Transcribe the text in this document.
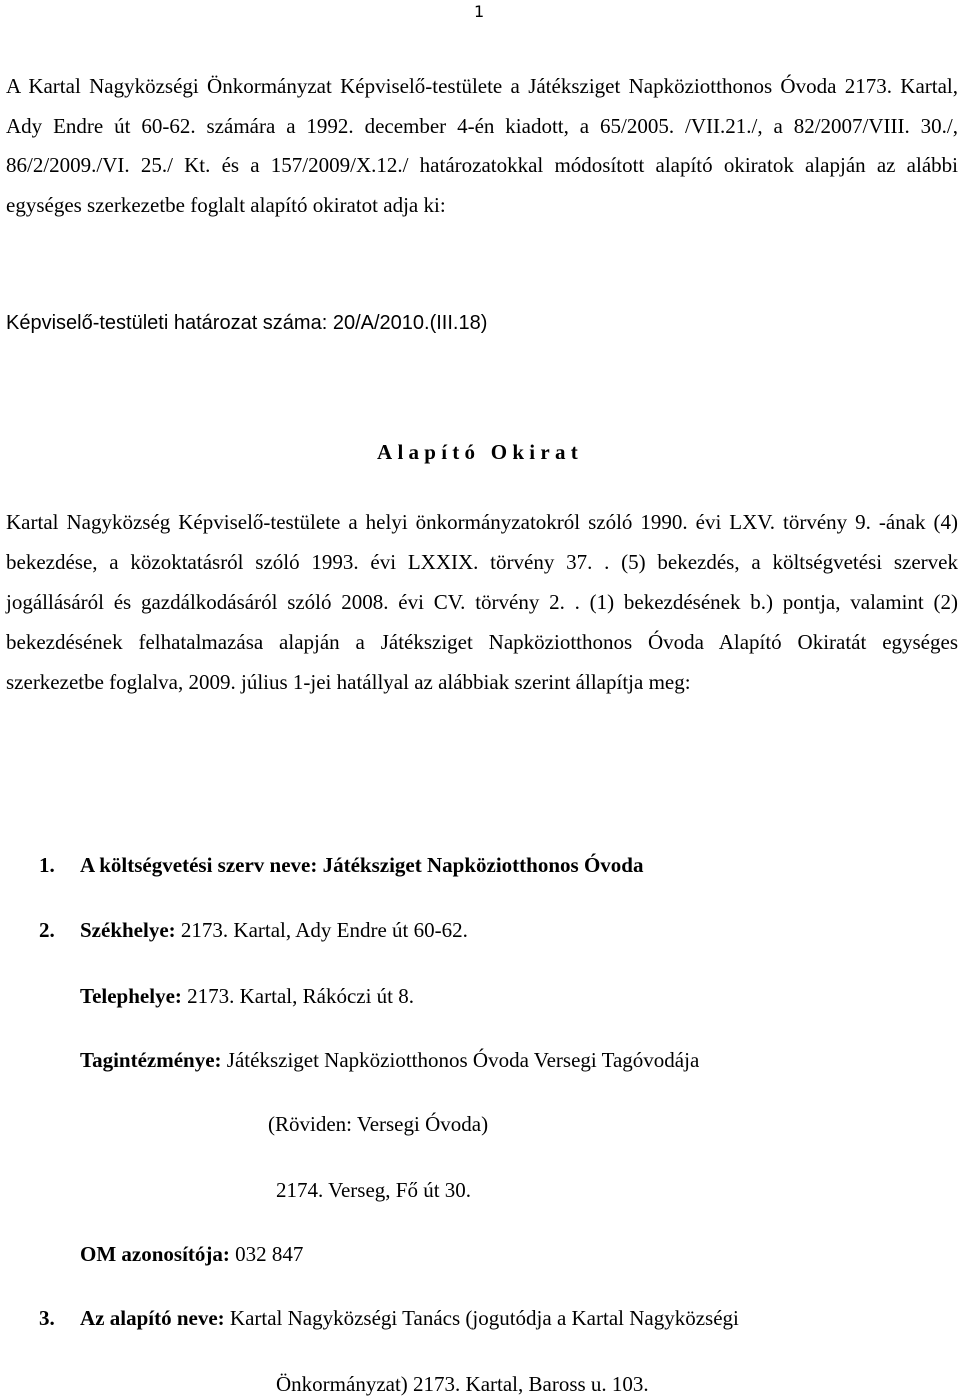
1

A Kartal Nagyközségi Önkormányzat Képviselő-testülete a Játéksziget Napköziotthonos Óvoda 2173. Kartal, Ady Endre út 60-62. számára a 1992. december 4-én kiadott, a 65/2005. /VII.21./, a 82/2007/VIII. 30./, 86/2/2009./VI. 25./ Kt. és a 157/2009/X.12./ határozatokkal módosított alapító okiratok alapján az alábbi egységes szerkezetbe foglalt alapító okiratot adja ki:

Képviselő-testületi határozat száma: 20/A/2010.(III.18)

Alapító Okirat

Kartal Nagyközség Képviselő-testülete a helyi önkormányzatokról szóló 1990. évi LXV. törvény 9. -ának (4) bekezdése, a közoktatásról szóló 1993. évi LXXIX. törvény 37. . (5) bekezdés, a költségvetési szervek jogállásáról és gazdálkodásáról szóló 2008. évi CV. törvény 2. . (1) bekezdésének b.) pontja, valamint (2) bekezdésének felhatalmazása alapján a Játéksziget Napköziotthonos Óvoda Alapító Okiratát egységes szerkezetbe foglalva, 2009. július 1-jei hatállyal az alábbiak szerint állapítja meg:

1. A költségvetési szerv neve: Játéksziget Napköziotthonos Óvoda
2. Székhelye: 2173. Kartal, Ady Endre út 60-62.
Telephelye: 2173. Kartal, Rákóczi út 8.
Tagintézménye: Játéksziget Napköziotthonos Óvoda Versegi Tagóvodája
(Röviden: Versegi Óvoda)
2174. Verseg, Fő út 30.
OM azonosítója: 032 847
3. Az alapító neve: Kartal Nagyközségi Tanács (jogutódja a Kartal Nagyközségi
Önkormányzat) 2173. Kartal, Baross u. 103.
